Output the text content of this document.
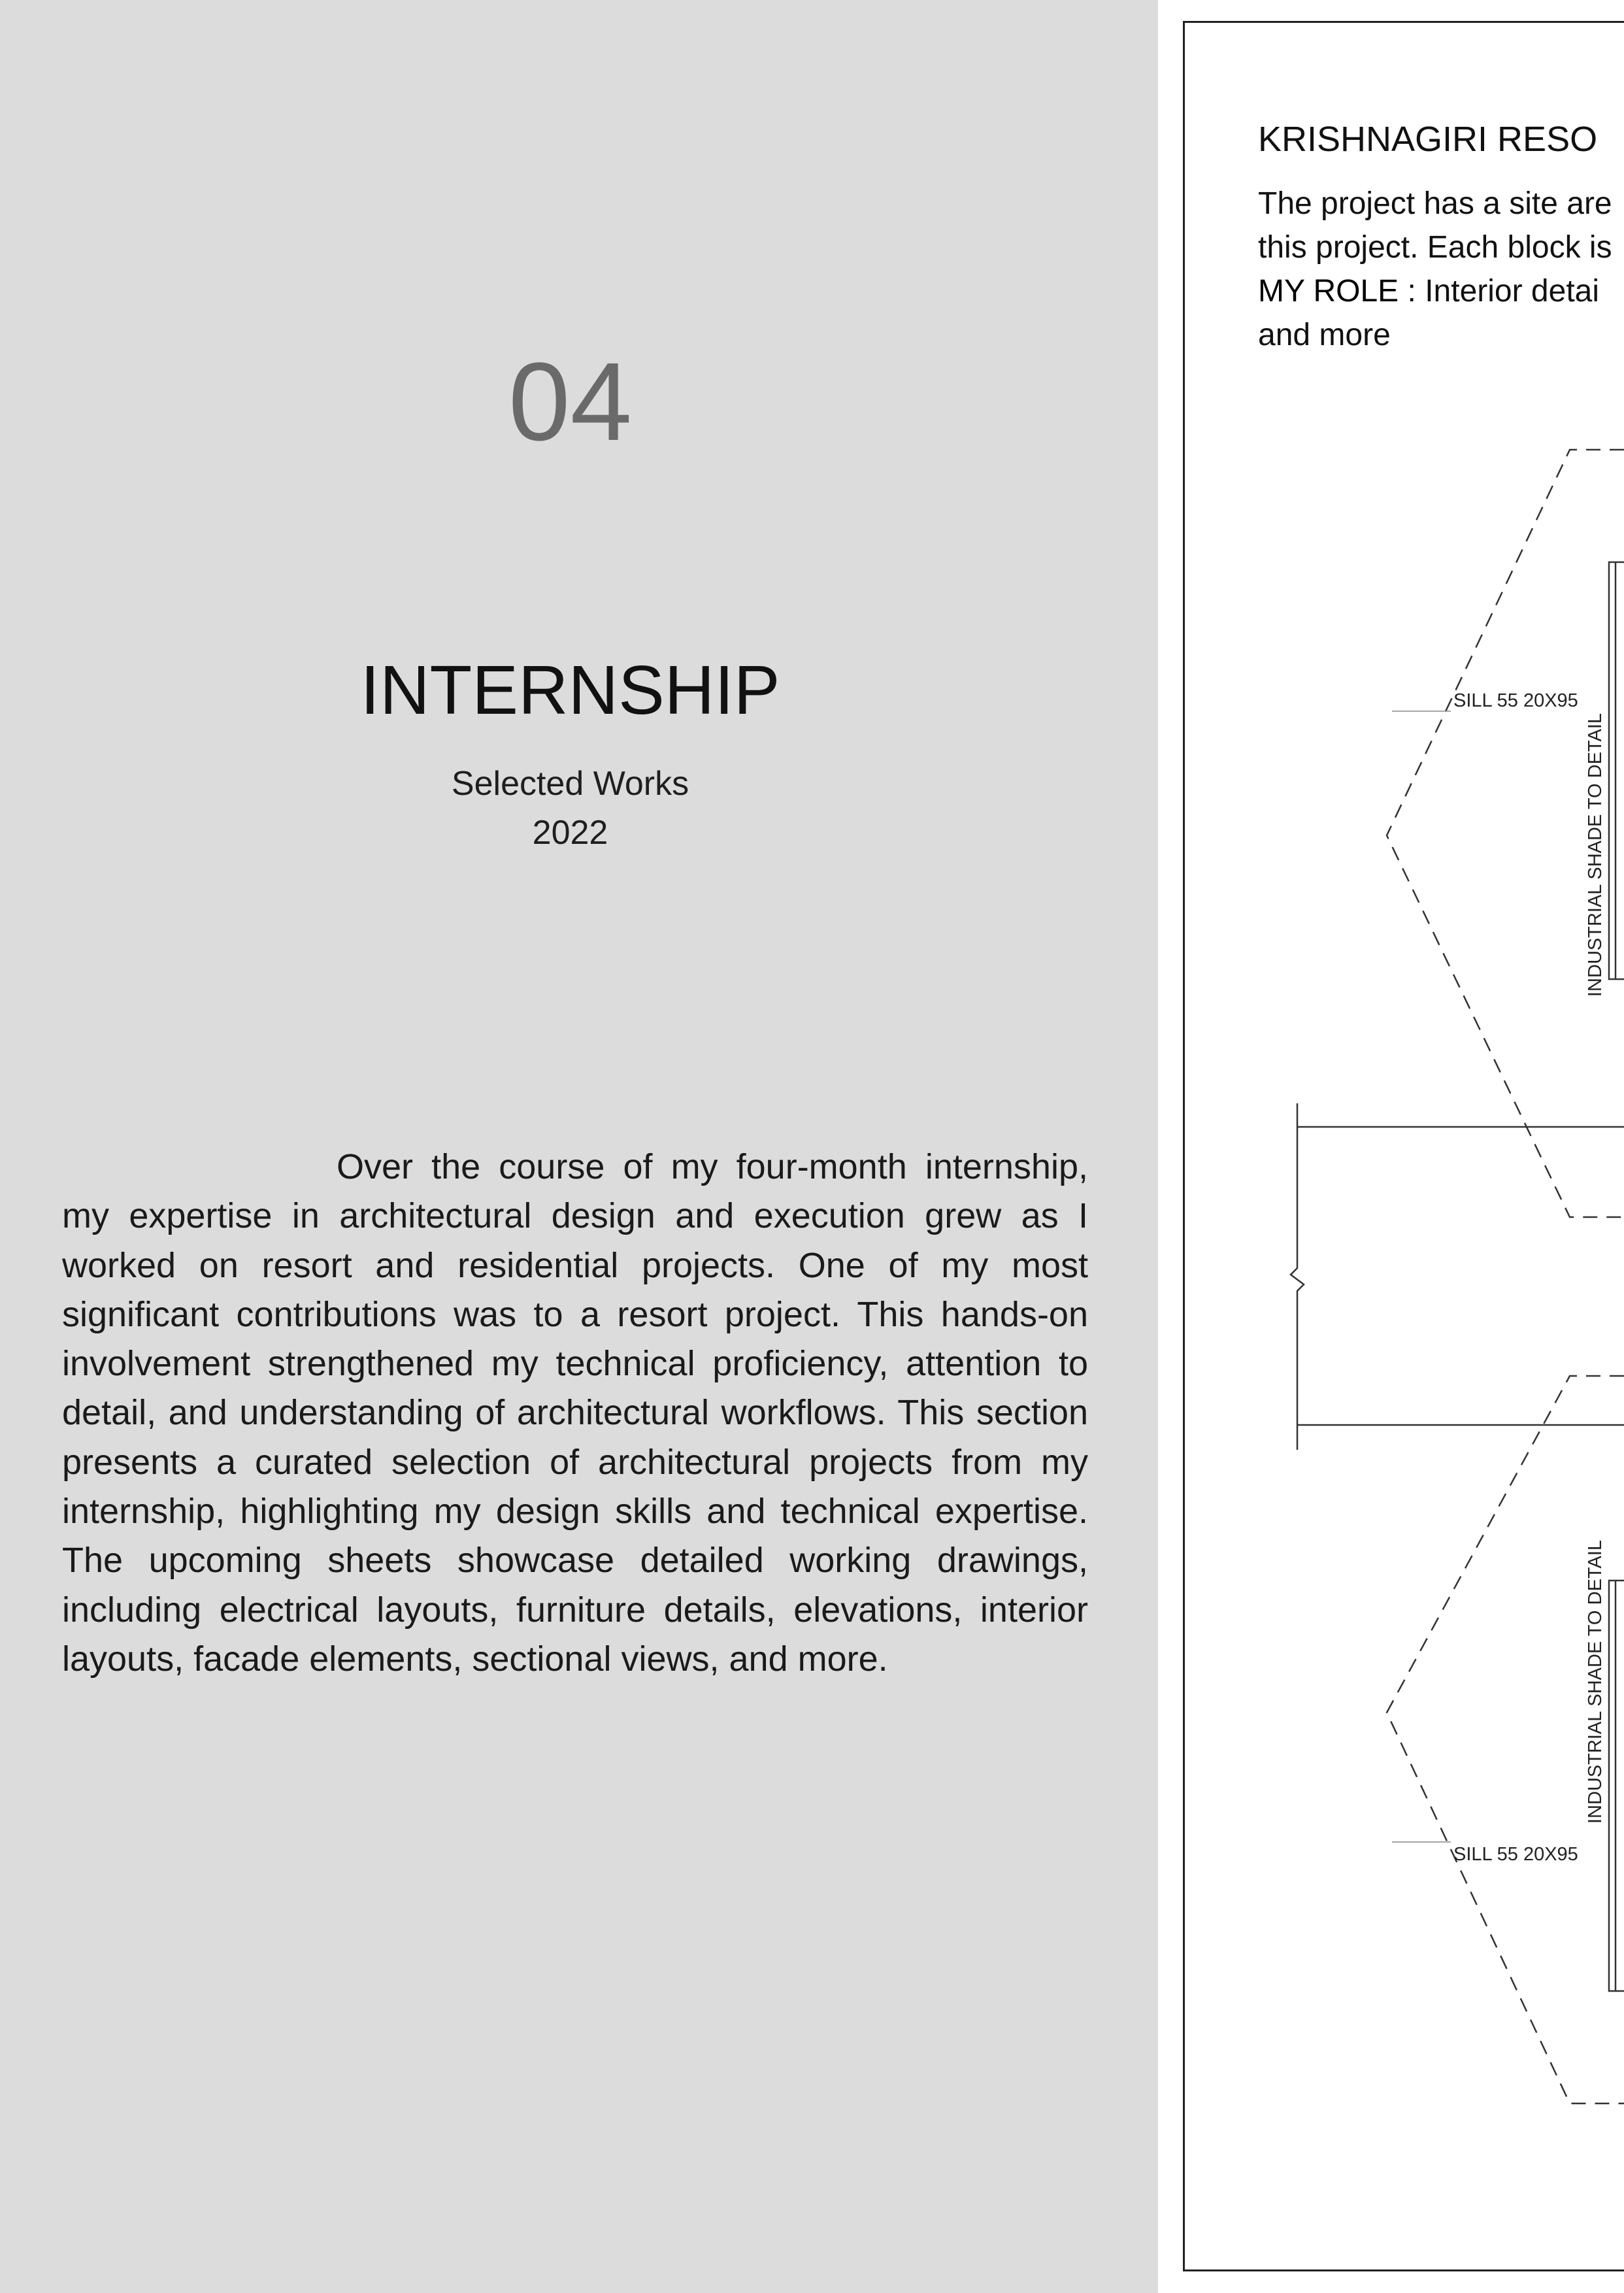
04
INTERNSHIP
Selected Works
2022

Over the course of my four-month internship, my expertise in architectural design and execution grew as I worked on resort and residential projects. One of my most significant contributions was to a resort project. This hands-on involvement strengthened my technical proficiency, attention to detail, and understanding of architectural workflows. This section presents a curated selection of architectural projects from my internship, highlighting my design skills and technical expertise. The upcoming sheets showcase detailed working drawings, including electrical layouts, furniture details, elevations, interior layouts, facade elements, sectional views, and more.

KRISHNAGIRI RESO
The project has a site are
this project. Each block is
MY ROLE : Interior detai
and more
SILL 55 20X95
INDUSTRIAL SHADE TO DETAIL
INDUSTRIAL SHADE TO DETAIL
SILL 55 20X95
